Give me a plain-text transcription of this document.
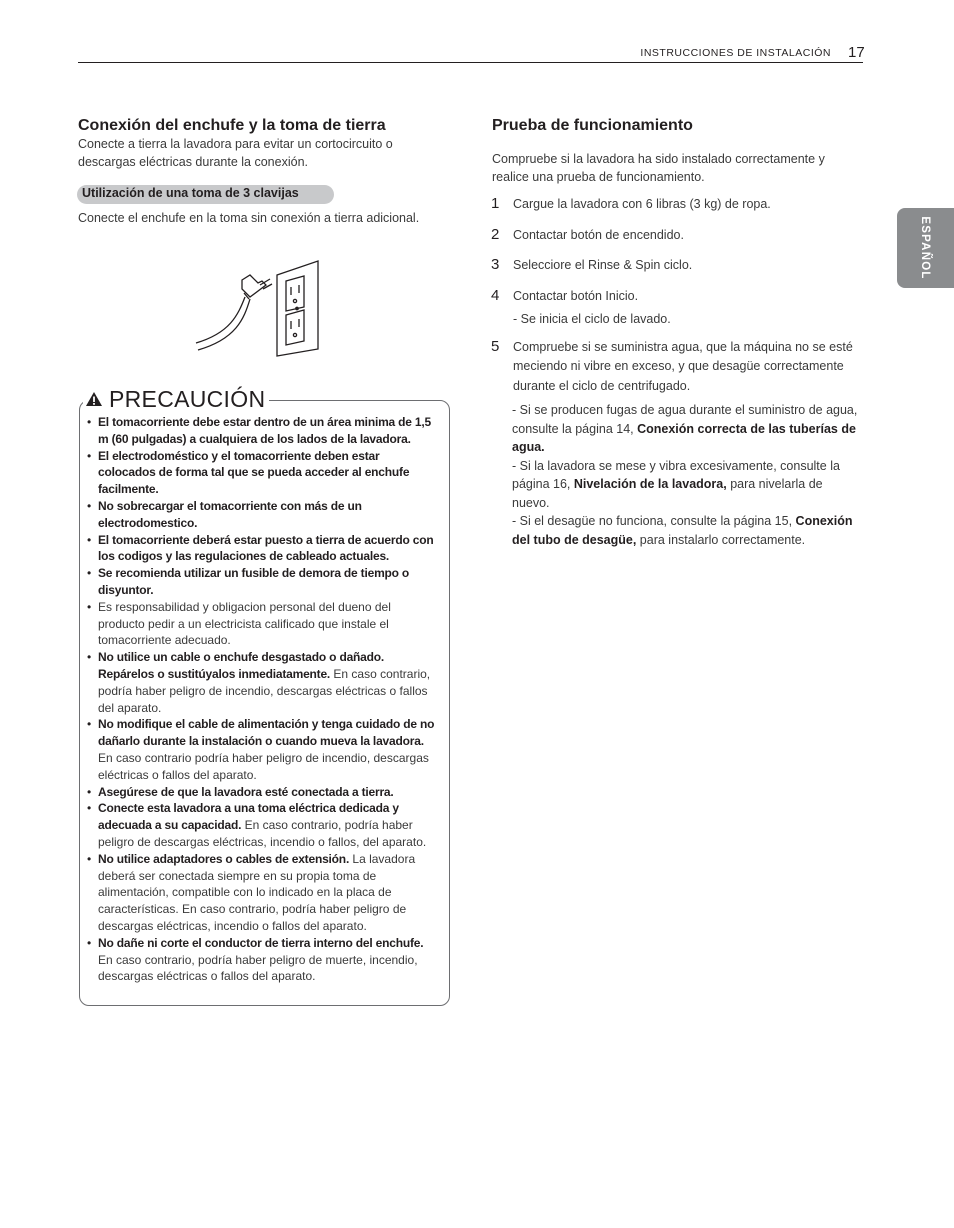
INSTRUCCIONES DE INSTALACIÓN 17
ESPAÑOL
Conexión del enchufe y la toma de tierra
Conecte a tierra la lavadora para evitar un cortocircuito o descargas eléctricas durante la conexión.
Utilización de una toma de 3 clavijas
Conecte el enchufe en la toma sin conexión a tierra adicional.
PRECAUCIÓN
• El tomacorriente debe estar dentro de un área minima de 1,5 m (60 pulgadas) a cualquiera de los lados de la lavadora.
• El electrodoméstico y el tomacorriente deben estar colocados de forma tal que se pueda acceder al enchufe facilmente.
• No sobrecargar el tomacorriente con más de un electrodomestico.
• El tomacorriente deberá estar puesto a tierra de acuerdo con los codigos y las regulaciones de cableado actuales.
• Se recomienda utilizar un fusible de demora de tiempo o disyuntor.
• Es responsabilidad y obligacion personal del dueno del producto pedir a un electricista calificado que instale el tomacorriente adecuado.
• No utilice un cable o enchufe desgastado o dañado. Repárelos o sustitúyalos inmediatamente. En caso contrario, podría haber peligro de incendio, descargas eléctricas o fallos del aparato.
• No modifique el cable de alimentación y tenga cuidado de no dañarlo durante la instalación o cuando mueva la lavadora. En caso contrario podría haber peligro de incendio, descargas eléctricas o fallos del aparato.
• Asegúrese de que la lavadora esté conectada a tierra.
• Conecte esta lavadora a una toma eléctrica dedicada y adecuada a su capacidad. En caso contrario, podría haber peligro de descargas eléctricas, incendio o fallos, del aparato.
• No utilice adaptadores o cables de extensión. La lavadora deberá ser conectada siempre en su propia toma de alimentación, compatible con lo indicado en la placa de características. En caso contrario, podría haber peligro de descargas eléctricas, incendio o fallos del aparato.
• No dañe ni corte el conductor de tierra interno del enchufe. En caso contrario, podría haber peligro de muerte, incendio, descargas eléctricas o fallos del aparato.
Prueba de funcionamiento
Compruebe si la lavadora ha sido instalado correctamente y realice una prueba de funcionamiento.
1 Cargue la lavadora con 6 libras (3 kg) de ropa.
2 Contactar botón de encendido.
3 Selecciore el Rinse & Spin ciclo.
4 Contactar botón Inicio.
- Se inicia el ciclo de lavado.
5 Compruebe si se suministra agua, que la máquina no se esté meciendo ni vibre en exceso, y que desagüe correctamente durante el ciclo de centrifugado.
- Si se producen fugas de agua durante el suministro de agua, consulte la página 14, Conexión correcta de las tuberías de agua.
- Si la lavadora se mese y vibra excesivamente, consulte la página 16, Nivelación de la lavadora, para nivelarla de nuevo.
- Si el desagüe no funciona, consulte la página 15, Conexión del tubo de desagüe, para instalarlo correctamente.
